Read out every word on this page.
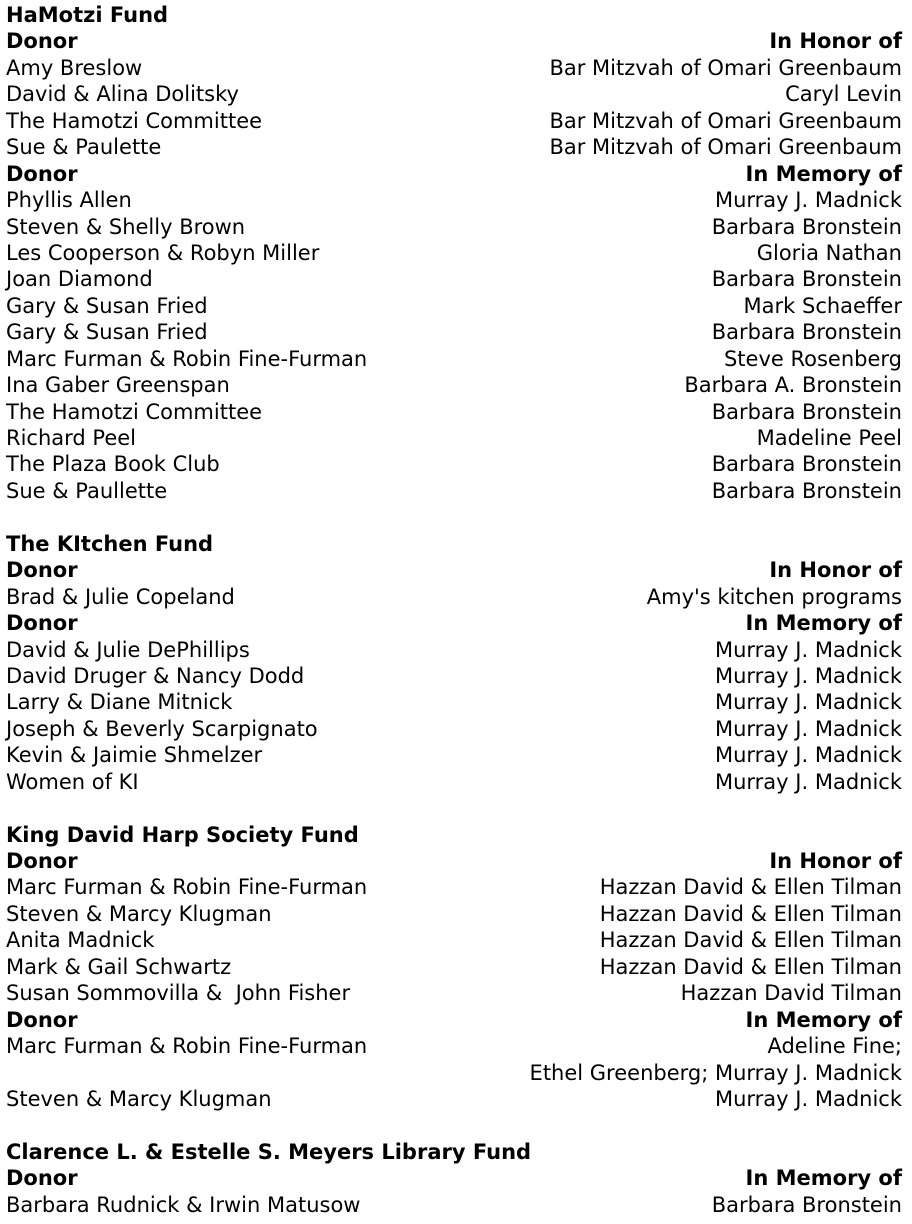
HaMotzi Fund
Donor	In Honor of
Amy Breslow	Bar Mitzvah of Omari Greenbaum
David & Alina Dolitsky	Caryl Levin
The Hamotzi Committee	Bar Mitzvah of Omari Greenbaum
Sue & Paulette	Bar Mitzvah of Omari Greenbaum
Donor	In Memory of
Phyllis Allen	Murray J. Madnick
Steven & Shelly Brown	Barbara Bronstein
Les Cooperson & Robyn Miller	Gloria Nathan
Joan Diamond	Barbara Bronstein
Gary & Susan Fried	Mark Schaeffer
Gary & Susan Fried	Barbara Bronstein
Marc Furman & Robin Fine-Furman	Steve Rosenberg
Ina Gaber Greenspan	Barbara A. Bronstein
The Hamotzi Committee	Barbara Bronstein
Richard Peel	Madeline Peel
The Plaza Book Club	Barbara Bronstein
Sue & Paullette	Barbara Bronstein
The KItchen Fund
Donor	In Honor of
Brad & Julie Copeland	Amy's kitchen programs
Donor	In Memory of
David & Julie DePhillips	Murray J. Madnick
David Druger & Nancy Dodd	Murray J. Madnick
Larry & Diane Mitnick	Murray J. Madnick
Joseph & Beverly Scarpignato	Murray J. Madnick
Kevin & Jaimie Shmelzer	Murray J. Madnick
Women of KI	Murray J. Madnick
King David Harp Society Fund
Donor	In Honor of
Marc Furman & Robin Fine-Furman	Hazzan David & Ellen Tilman
Steven & Marcy Klugman	Hazzan David & Ellen Tilman
Anita Madnick	Hazzan David & Ellen Tilman
Mark & Gail Schwartz	Hazzan David & Ellen Tilman
Susan Sommovilla &  John Fisher	Hazzan David Tilman
Donor	In Memory of
Marc Furman & Robin Fine-Furman	Adeline Fine;
Ethel Greenberg; Murray J. Madnick
Steven & Marcy Klugman	Murray J. Madnick
Clarence L. & Estelle S. Meyers Library Fund
Donor	In Memory of
Barbara Rudnick & Irwin Matusow	Barbara Bronstein
